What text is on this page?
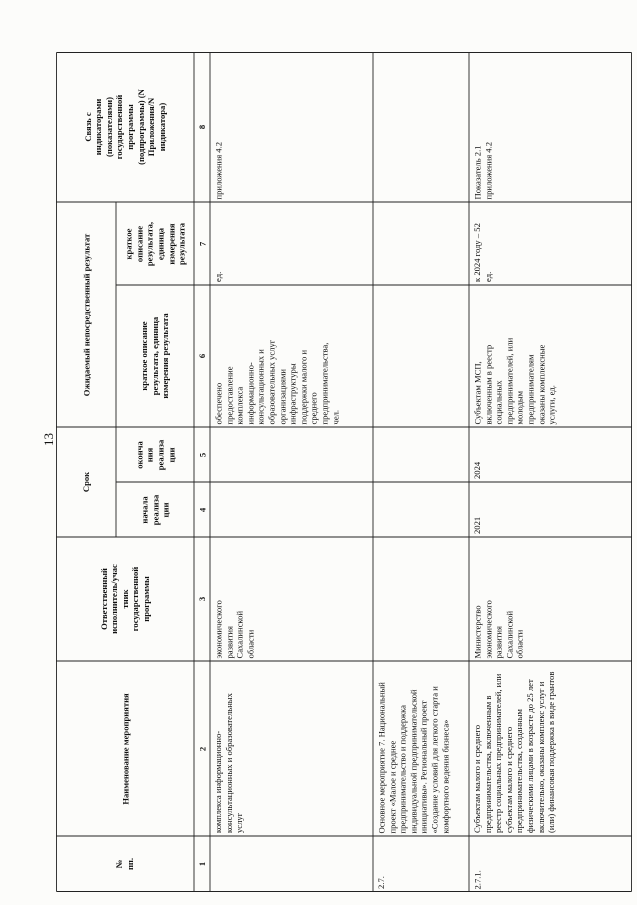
13
№ пп.
Наименование мероприятия
Ответственный исполнитель/учас тник государственной программы
Срок
начала реализа ции
оконча ния реализа ции
Ожидаемый непосредственный результат	краткое описание результата, единица измерения результата
краткое описание результата, единица измерения результата
Связь с индикаторами (показателями) государственной программы (подпрограммы) (N Приложения/N индикатора)
1
2
3
4
5
6
7
8
комплекса информационно- консультационных и образовательных услуг
экономического развития Сахалинской области
обеспечено предоставление комплекса информационно- консультационных и образовательных услуг организациями инфраструктуры поддержки малого и среднего предпринимательства, чел.
ед.
приложения 4.2
2.7.
Основное мероприятие 7. Национальный проект «Малое и среднее предпринимательство и поддержка индивидуальной предпринимательской инициативы». Региональный проект «Создание условий для легкого старта и комфортного ведения бизнеса»
2.7.1.
Субъектам малого и среднего предпринимательства, включенным в реестр социальных предпринимателей, или субъектам малого и среднего предпринимательства, созданным физическими лицами в возрасте до 25 лет включительно, оказаны комплекс услуг и (или) финансовая поддержка в виде грантов
Министерство экономического развития Сахалинской области
2021
2024
Субъектам МСП, включенным в реестр социальных предпринимателей, или молодым предпринимателям оказаны комплексные услуги, ед.
к 2024 году – 52 ед.
Показатель 2.1 приложения 4.2
